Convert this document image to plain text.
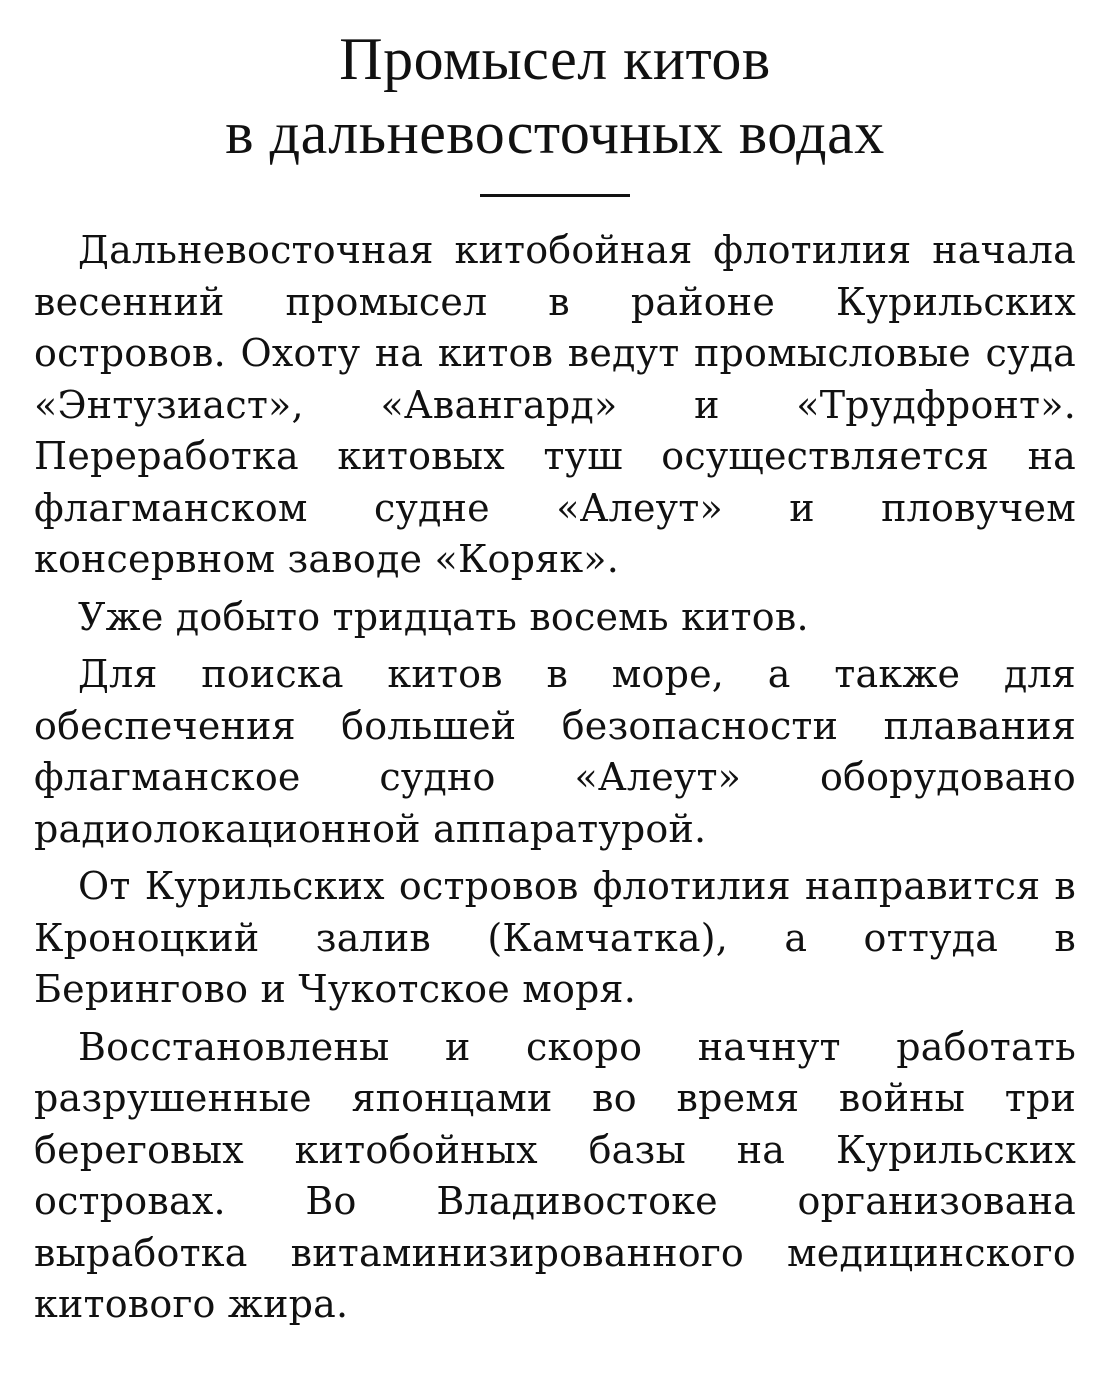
Промысел китов
в дальневосточных водах

Дальневосточная китобойная флотилия начала весенний промысел в районе Курильских островов. Охоту на китов ведут промысловые суда «Энтузиаст», «Авангард» и «Трудфронт». Переработка китовых туш осуществляется на флагманском судне «Алеут» и пловучем консервном заводе «Коряк».

Уже добыто тридцать восемь китов.

Для поиска китов в море, а также для обеспечения большей безопасности плавания флагманское судно «Алеут» оборудовано радиолокационной аппаратурой.

От Курильских островов флотилия направится в Кроноцкий залив (Камчатка), а оттуда в Берингово и Чукотское моря.

Восстановлены и скоро начнут работать разрушенные японцами во время войны три береговых китобойных базы на Курильских островах. Во Владивостоке организована выработка витаминизированного медицинского китового жира.
